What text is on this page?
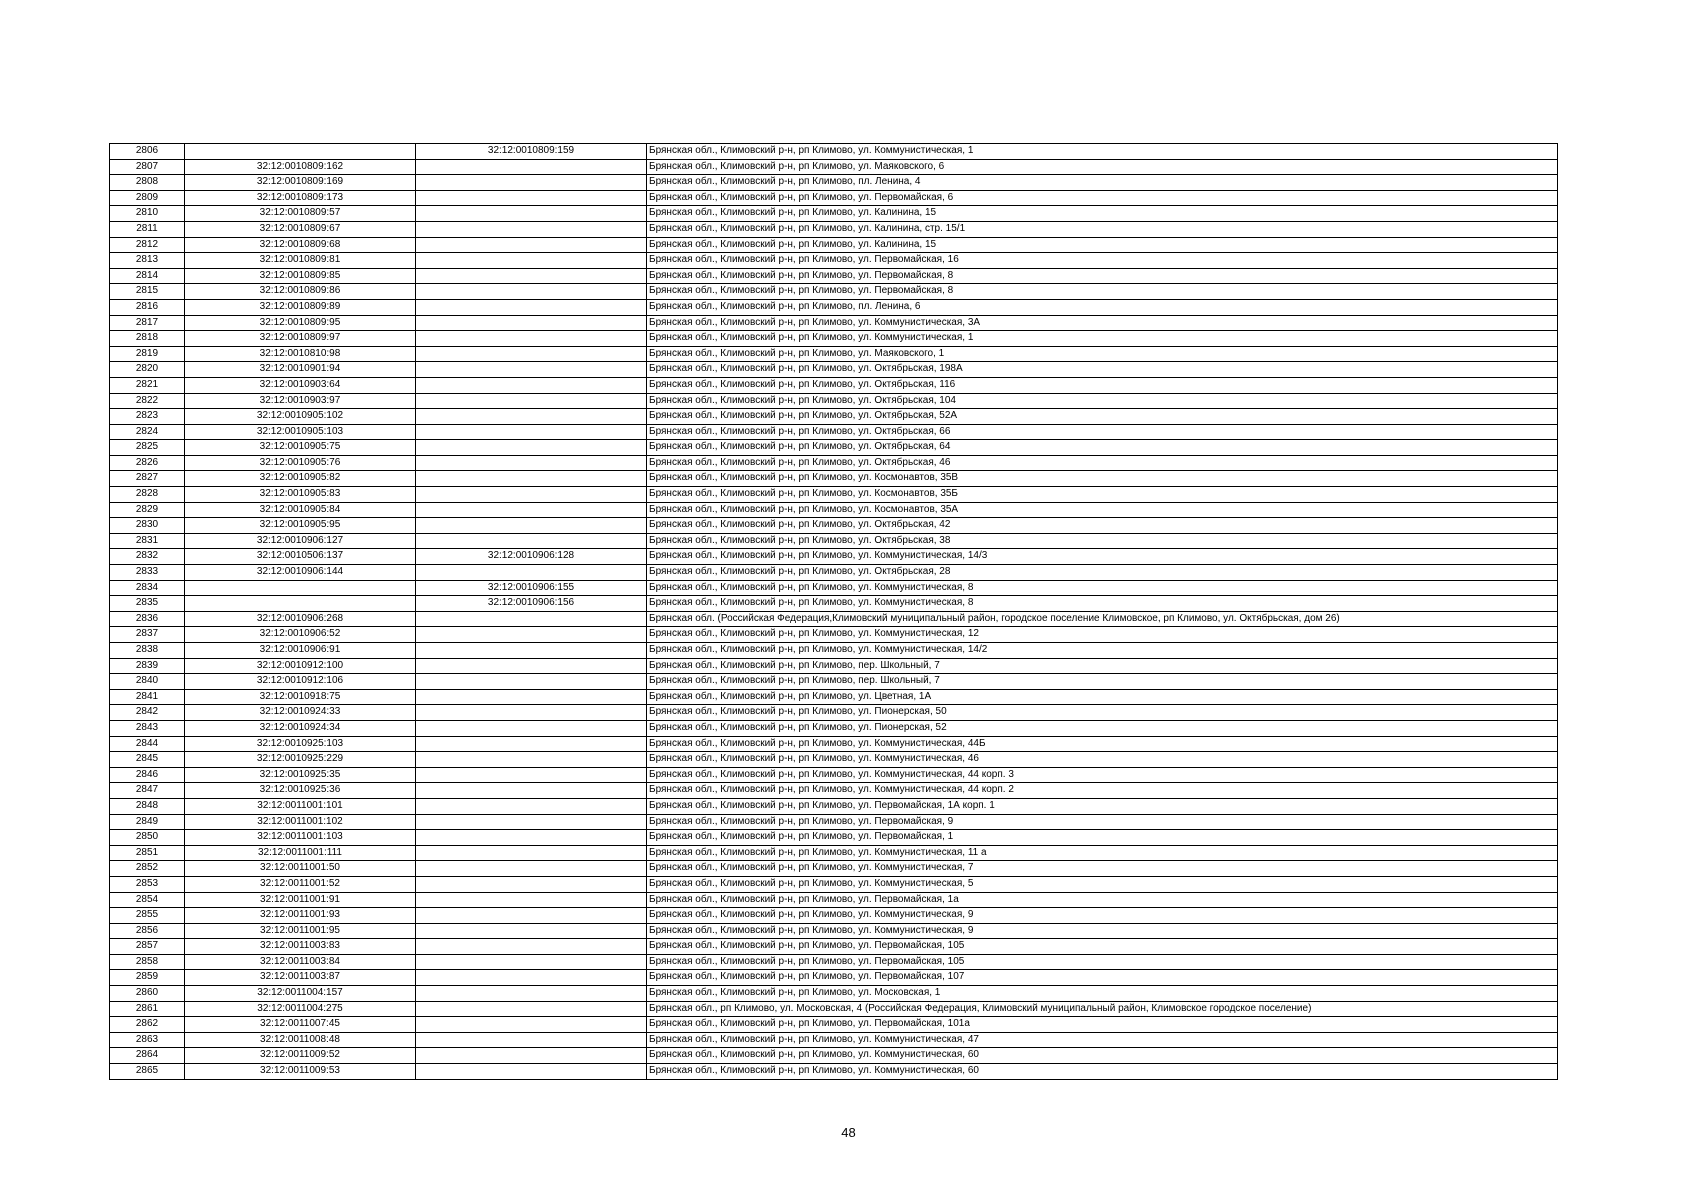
2806		32:12:0010809:159	Брянская обл., Климовский р-н, рп Климово, ул. Коммунистическая, 1
2807	32:12:0010809:162		Брянская обл., Климовский р-н, рп Климово, ул. Маяковского, 6
2808	32:12:0010809:169		Брянская обл., Климовский р-н, рп Климово, пл. Ленина, 4
2809	32:12:0010809:173		Брянская обл., Климовский р-н, рп Климово, ул. Первомайская, 6
2810	32:12:0010809:57		Брянская обл., Климовский р-н, рп Климово, ул. Калинина, 15
2811	32:12:0010809:67		Брянская обл., Климовский р-н, рп Климово, ул. Калинина, стр. 15/1
2812	32:12:0010809:68		Брянская обл., Климовский р-н, рп Климово, ул. Калинина, 15
2813	32:12:0010809:81		Брянская обл., Климовский р-н, рп Климово, ул. Первомайская, 16
2814	32:12:0010809:85		Брянская обл., Климовский р-н, рп Климово, ул. Первомайская, 8
2815	32:12:0010809:86		Брянская обл., Климовский р-н, рп Климово, ул. Первомайская, 8
2816	32:12:0010809:89		Брянская обл., Климовский р-н, рп Климово, пл. Ленина, 6
2817	32:12:0010809:95		Брянская обл., Климовский р-н, рп Климово, ул. Коммунистическая, 3А
2818	32:12:0010809:97		Брянская обл., Климовский р-н, рп Климово, ул. Коммунистическая, 1
2819	32:12:0010810:98		Брянская обл., Климовский р-н, рп Климово, ул. Маяковского, 1
2820	32:12:0010901:94		Брянская обл., Климовский р-н, рп Климово, ул. Октябрьская, 198А
2821	32:12:0010903:64		Брянская обл., Климовский р-н, рп Климово, ул. Октябрьская, 116
2822	32:12:0010903:97		Брянская обл., Климовский р-н, рп Климово, ул. Октябрьская, 104
2823	32:12:0010905:102		Брянская обл., Климовский р-н, рп Климово, ул. Октябрьская, 52А
2824	32:12:0010905:103		Брянская обл., Климовский р-н, рп Климово, ул. Октябрьская, 66
2825	32:12:0010905:75		Брянская обл., Климовский р-н, рп Климово, ул. Октябрьская, 64
2826	32:12:0010905:76		Брянская обл., Климовский р-н, рп Климово, ул. Октябрьская, 46
2827	32:12:0010905:82		Брянская обл., Климовский р-н, рп Климово, ул. Космонавтов, 35В
2828	32:12:0010905:83		Брянская обл., Климовский р-н, рп Климово, ул. Космонавтов, 35Б
2829	32:12:0010905:84		Брянская обл., Климовский р-н, рп Климово, ул. Космонавтов, 35А
2830	32:12:0010905:95		Брянская обл., Климовский р-н, рп Климово, ул. Октябрьская, 42
2831	32:12:0010906:127		Брянская обл., Климовский р-н, рп Климово, ул. Октябрьская, 38
2832	32:12:0010506:137	32:12:0010906:128	Брянская обл., Климовский р-н, рп Климово, ул. Коммунистическая, 14/3
2833	32:12:0010906:144		Брянская обл., Климовский р-н, рп Климово, ул. Октябрьская, 28
2834		32:12:0010906:155	Брянская обл., Климовский р-н, рп Климово, ул. Коммунистическая, 8
2835		32:12:0010906:156	Брянская обл., Климовский р-н, рп Климово, ул. Коммунистическая, 8
2836	32:12:0010906:268		Брянская обл. (Российская Федерация,Климовский муниципальный район, городское поселение Климовское, рп Климово, ул. Октябрьская, дом 26)
2837	32:12:0010906:52		Брянская обл., Климовский р-н, рп Климово, ул. Коммунистическая, 12
2838	32:12:0010906:91		Брянская обл., Климовский р-н, рп Климово, ул. Коммунистическая, 14/2
2839	32:12:0010912:100		Брянская обл., Климовский р-н, рп Климово, пер. Школьный, 7
2840	32:12:0010912:106		Брянская обл., Климовский р-н, рп Климово, пер. Школьный, 7
2841	32:12:0010918:75		Брянская обл., Климовский р-н, рп Климово, ул. Цветная, 1А
2842	32:12:0010924:33		Брянская обл., Климовский р-н, рп Климово, ул. Пионерская, 50
2843	32:12:0010924:34		Брянская обл., Климовский р-н, рп Климово, ул. Пионерская, 52
2844	32:12:0010925:103		Брянская обл., Климовский р-н, рп Климово, ул. Коммунистическая, 44Б
2845	32:12:0010925:229		Брянская обл., Климовский р-н, рп Климово, ул. Коммунистическая, 46
2846	32:12:0010925:35		Брянская обл., Климовский р-н, рп Климово, ул. Коммунистическая, 44 корп. 3
2847	32:12:0010925:36		Брянская обл., Климовский р-н, рп Климово, ул. Коммунистическая, 44 корп. 2
2848	32:12:0011001:101		Брянская обл., Климовский р-н, рп Климово, ул. Первомайская, 1А корп. 1
2849	32:12:0011001:102		Брянская обл., Климовский р-н, рп Климово, ул. Первомайская, 9
2850	32:12:0011001:103		Брянская обл., Климовский р-н, рп Климово, ул. Первомайская, 1
2851	32:12:0011001:111		Брянская обл., Климовский р-н, рп Климово, ул. Коммунистическая, 11 а
2852	32:12:0011001:50		Брянская обл., Климовский р-н, рп Климово, ул. Коммунистическая, 7
2853	32:12:0011001:52		Брянская обл., Климовский р-н, рп Климово, ул. Коммунистическая, 5
2854	32:12:0011001:91		Брянская обл., Климовский р-н, рп Климово, ул. Первомайская, 1а
2855	32:12:0011001:93		Брянская обл., Климовский р-н, рп Климово, ул. Коммунистическая, 9
2856	32:12:0011001:95		Брянская обл., Климовский р-н, рп Климово, ул. Коммунистическая, 9
2857	32:12:0011003:83		Брянская обл., Климовский р-н, рп Климово, ул. Первомайская, 105
2858	32:12:0011003:84		Брянская обл., Климовский р-н, рп Климово, ул. Первомайская, 105
2859	32:12:0011003:87		Брянская обл., Климовский р-н, рп Климово, ул. Первомайская, 107
2860	32:12:0011004:157		Брянская обл., Климовский р-н, рп Климово, ул. Московская, 1
2861	32:12:0011004:275		Брянская обл., рп Климово, ул. Московская, 4 (Российская Федерация, Климовский муниципальный район, Климовское городское поселение)
2862	32:12:0011007:45		Брянская обл., Климовский р-н, рп Климово, ул. Первомайская, 101а
2863	32:12:0011008:48		Брянская обл., Климовский р-н, рп Климово, ул. Коммунистическая, 47
2864	32:12:0011009:52		Брянская обл., Климовский р-н, рп Климово, ул. Коммунистическая, 60
2865	32:12:0011009:53		Брянская обл., Климовский р-н, рп Климово, ул. Коммунистическая, 60
48
